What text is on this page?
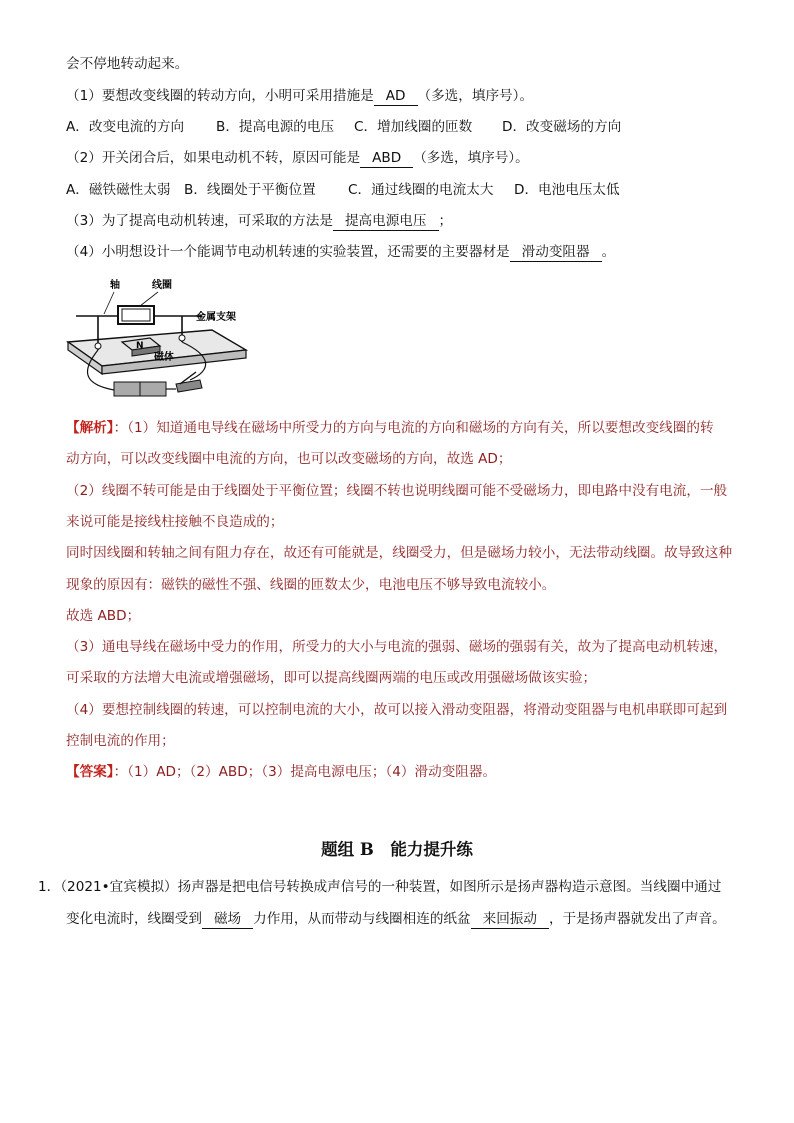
会不停地转动起来。
（1）要想改变线圈的转动方向，小明可采用措施是 AD （多选，填序号）。
A．改变电流的方向 B．提高电源的电压 C．增加线圈的匝数 D．改变磁场的方向
（2）开关闭合后，如果电动机不转，原因可能是 ABD （多选，填序号）。
A．磁铁磁性太弱 B．线圈处于平衡位置 C．通过线圈的电流太大 D．电池电压太低
（3）为了提高电动机转速，可采取的方法是 提高电源电压 ；
（4）小明想设计一个能调节电动机转速的实验装置，还需要的主要器材是 滑动变阻器 。
轴	线圈
金属支架
N
磁体
【解析】：（1）知道通电导线在磁场中所受力的方向与电流的方向和磁场的方向有关，所以要想改变线圈的转
动方向，可以改变线圈中电流的方向，也可以改变磁场的方向，故选 AD；
（2）线圈不转可能是由于线圈处于平衡位置；线圈不转也说明线圈可能不受磁场力，即电路中没有电流，一般
来说可能是接线柱接触不良造成的；
同时因线圈和转轴之间有阻力存在，故还有可能就是，线圈受力，但是磁场力较小，无法带动线圈。故导致这种
现象的原因有：磁铁的磁性不强、线圈的匝数太少，电池电压不够导致电流较小。
故选 ABD；
（3）通电导线在磁场中受力的作用，所受力的大小与电流的强弱、磁场的强弱有关，故为了提高电动机转速，
可采取的方法增大电流或增强磁场，即可以提高线圈两端的电压或改用强磁场做该实验；
（4）要想控制线圈的转速，可以控制电流的大小，故可以接入滑动变阻器，将滑动变阻器与电机串联即可起到
控制电流的作用；
【答案】：（1）AD；（2）ABD；（3）提高电源电压；（4）滑动变阻器。
题组 B　能力提升练
1．（2021•宜宾模拟）扬声器是把电信号转换成声信号的一种装置，如图所示是扬声器构造示意图。当线圈中通过
变化电流时，线圈受到 磁场 力作用，从而带动与线圈相连的纸盆 来回振动 ，于是扬声器就发出了声音。
